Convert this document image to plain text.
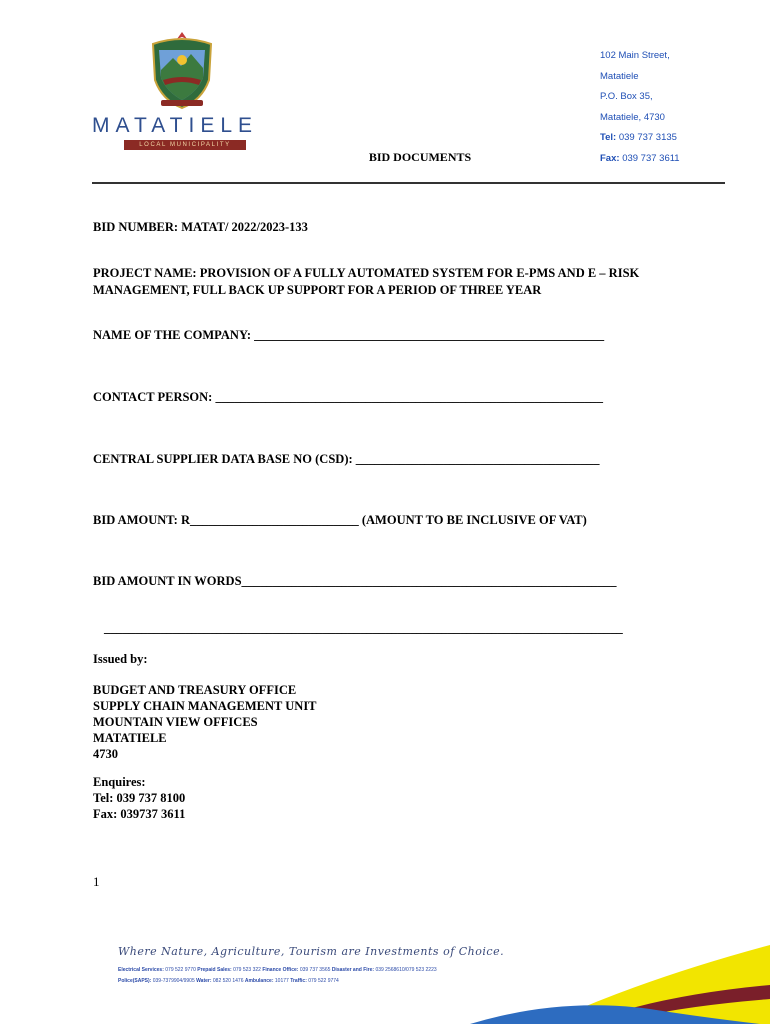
MATATIELE
LOCAL MUNICIPALITY
102 Main Street,
Matatiele
P.O. Box 35,
Matatiele, 4730
Tel: 039 737 3135
Fax: 039 737 3611
BID DOCUMENTS
BID NUMBER: MATAT/ 2022/2023-133
PROJECT NAME: PROVISION OF A FULLY AUTOMATED SYSTEM FOR E-PMS AND E – RISK MANAGEMENT, FULL BACK UP SUPPORT FOR A PERIOD OF THREE YEAR
NAME OF THE COMPANY: ________________________________________________________
CONTACT PERSON: ______________________________________________________________
CENTRAL SUPPLIER DATA BASE NO (CSD): _______________________________________
BID AMOUNT: R___________________________ (AMOUNT TO BE INCLUSIVE OF VAT)
BID AMOUNT IN WORDS____________________________________________________________
___________________________________________________________________________________
Issued by:
BUDGET AND TREASURY OFFICE
SUPPLY CHAIN MANAGEMENT UNIT
MOUNTAIN VIEW OFFICES
MATATIELE
4730
Enquires:
Tel: 039 737 8100
Fax: 039737 3611
1
Where Nature, Agriculture, Tourism are Investments of Choice.
Electrical Services: 079 522 9770 Prepaid Sales: 079 523 322 Finance Office: 039 737 3565 Disaster and Fire: 039 2568610/079 523 2223
Police(SAPS): 039-7379904/9905 Water: 082 520 1476 Ambulance: 10177 Traffic: 079 522 9774
